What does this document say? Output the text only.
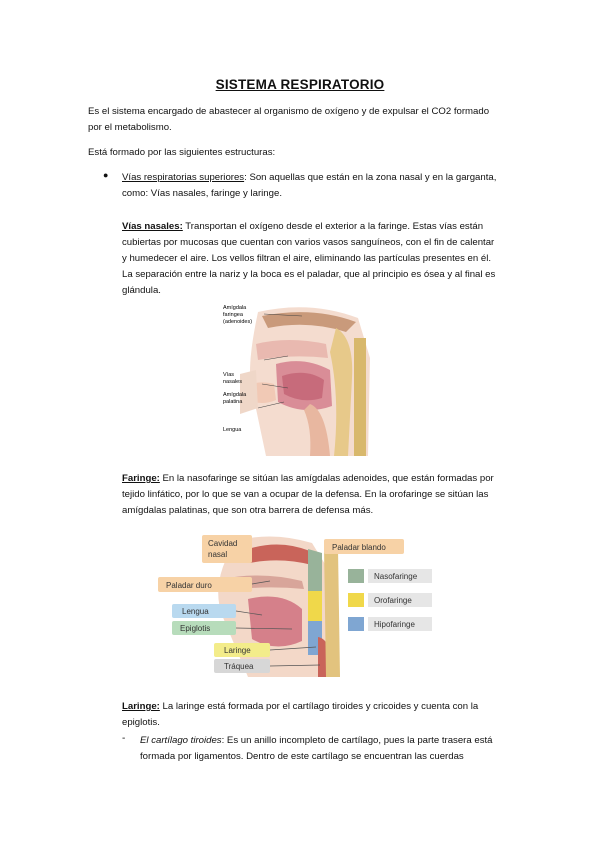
SISTEMA RESPIRATORIO
Es el sistema encargado de abastecer al organismo de oxígeno y de expulsar el CO2 formado
por el metabolismo.
Está formado por las siguientes estructuras:
● Vías respiratorias superiores: Son aquellas que están en la zona nasal y en la garganta,
como: Vías nasales, faringe y laringe.
Vías nasales: Transportan el oxígeno desde el exterior a la faringe. Estas vías están
cubiertas por mucosas que cuentan con varios vasos sanguíneos, con el fin de calentar
y humedecer el aire. Los vellos filtran el aire, eliminando las partículas presentes en él.
La separación entre la nariz y la boca es el paladar, que al principio es ósea y al final es
glándula.
Amígdala
faringea
(adenoides)
Vías
nasales
Amígdala
palatina
Lengua
Faringe: En la nasofaringe se sitúan las amígdalas adenoides, que están formadas por
tejido linfático, por lo que se van a ocupar de la defensa. En la orofaringe se sitúan las
amígdalas palatinas, que son otra barrera de defensa más.
Cavidad
nasal
Paladar blando
Paladar duro
Lengua
Epiglotis
Laringe
Tráquea
Nasofaringe
Orofaringe
Hipofaringe
Laringe: La laringe está formada por el cartílago tiroides y cricoides y cuenta con la
epiglotis.
- El cartílago tiroides: Es un anillo incompleto de cartílago, pues la parte trasera está
formada por ligamentos. Dentro de este cartílago se encuentran las cuerdas
